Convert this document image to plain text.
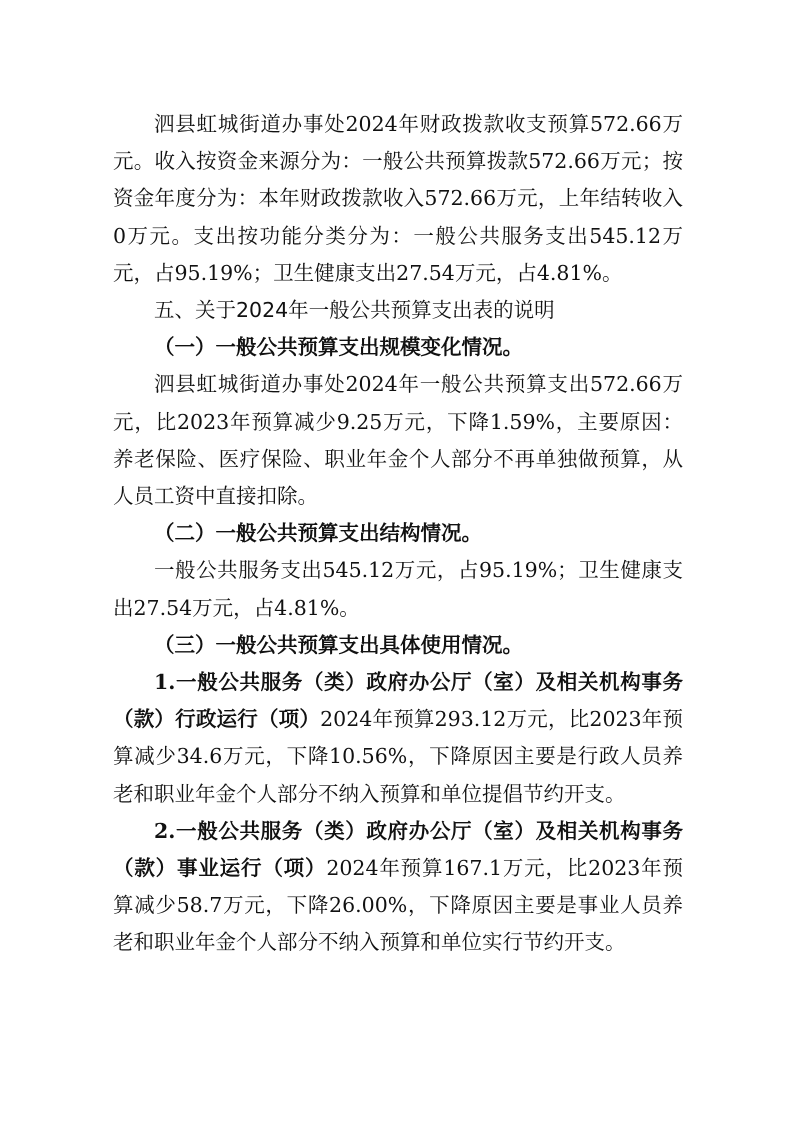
泗县虹城街道办事处2024年财政拨款收支预算572.66万元。收入按资金来源分为：一般公共预算拨款572.66万元；按资金年度分为：本年财政拨款收入572.66万元，上年结转收入0万元。支出按功能分类分为：一般公共服务支出545.12万元，占95.19%；卫生健康支出27.54万元，占4.81%。

五、关于2024年一般公共预算支出表的说明

（一）一般公共预算支出规模变化情况。

泗县虹城街道办事处2024年一般公共预算支出572.66万元，比2023年预算减少9.25万元，下降1.59%，主要原因：养老保险、医疗保险、职业年金个人部分不再单独做预算，从人员工资中直接扣除。

（二）一般公共预算支出结构情况。

一般公共服务支出545.12万元，占95.19%；卫生健康支出27.54万元，占4.81%。

（三）一般公共预算支出具体使用情况。

1.一般公共服务（类）政府办公厅（室）及相关机构事务（款）行政运行（项）2024年预算293.12万元，比2023年预算减少34.6万元，下降10.56%，下降原因主要是行政人员养老和职业年金个人部分不纳入预算和单位提倡节约开支。

2.一般公共服务（类）政府办公厅（室）及相关机构事务（款）事业运行（项）2024年预算167.1万元，比2023年预算减少58.7万元，下降26.00%，下降原因主要是事业人员养老和职业年金个人部分不纳入预算和单位实行节约开支。
